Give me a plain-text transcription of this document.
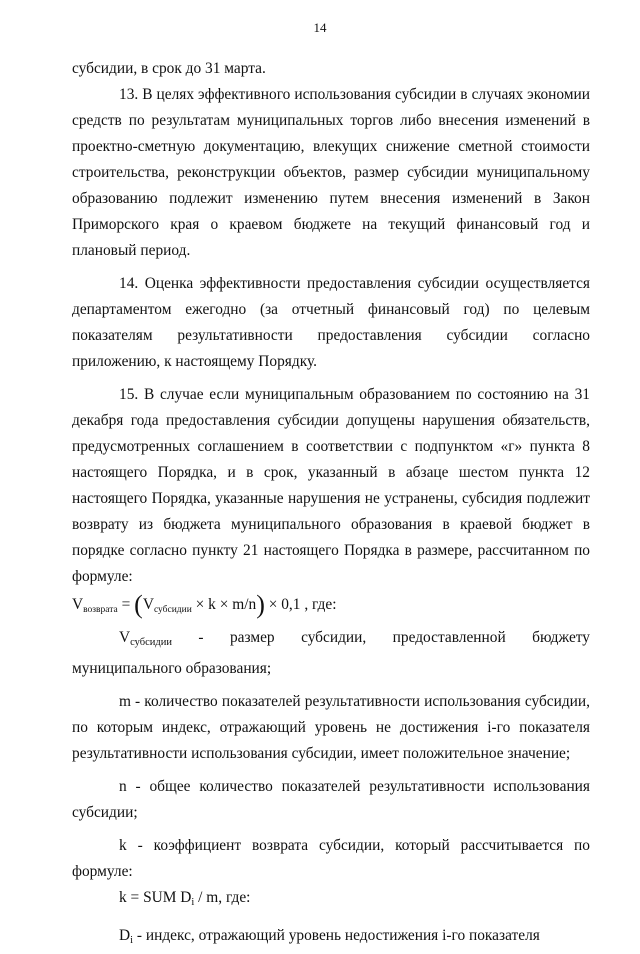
14

субсидии, в срок до 31 марта.

13. В целях эффективного использования субсидии в случаях экономии средств по результатам муниципальных торгов либо внесения изменений в проектно-сметную документацию, влекущих снижение сметной стоимости строительства, реконструкции объектов, размер субсидии муниципальному образованию подлежит изменению путем внесения изменений в Закон Приморского края о краевом бюджете на текущий финансовый год и плановый период.

14. Оценка эффективности предоставления субсидии осуществляется департаментом ежегодно (за отчетный финансовый год) по целевым показателям результативности предоставления субсидии согласно приложению, к настоящему Порядку.

15. В случае если муниципальным образованием по состоянию на 31 декабря года предоставления субсидии допущены нарушения обязательств, предусмотренных соглашением в соответствии с подпунктом «г» пункта 8 настоящего Порядка, и в срок, указанный в абзаце шестом пункта 12 настоящего Порядка, указанные нарушения не устранены, субсидия подлежит возврату из бюджета муниципального образования в краевой бюджет в порядке согласно пункту 21 настоящего Порядка в размере, рассчитанном по формуле:

$V_{возврата} = (V_{субсидии} \times k \times m/n) \times 0,1$ , где:

Vсубсидии - размер субсидии, предоставленной бюджету муниципального образования;

m - количество показателей результативности использования субсидии, по которым индекс, отражающий уровень не достижения i-го показателя результативности использования субсидии, имеет положительное значение;

n - общее количество показателей результативности использования субсидии;

k - коэффициент возврата субсидии, который рассчитывается по формуле:

k = SUM Di / m, где:

Di - индекс, отражающий уровень недостижения i-го показателя
